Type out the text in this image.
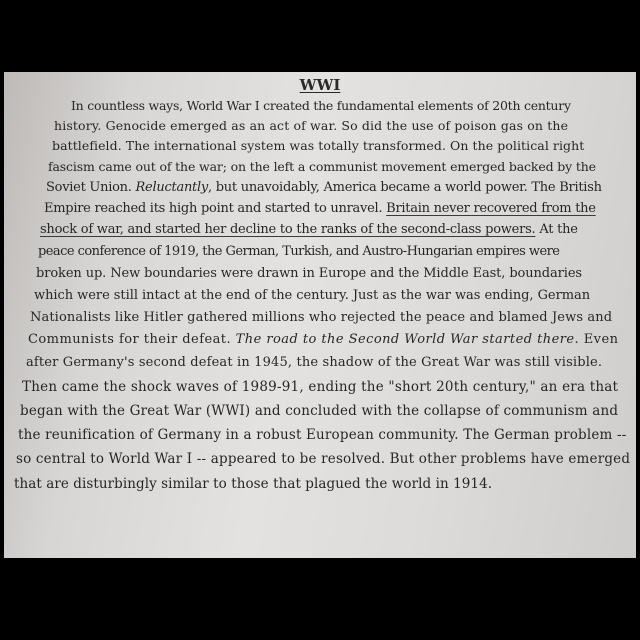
WWI
In countless ways, World War I created the fundamental elements of 20th century
history. Genocide emerged as an act of war. So did the use of poison gas on the
battlefield. The international system was totally transformed. On the political right
fascism came out of the war; on the left a communist movement emerged backed by the
Soviet Union. Reluctantly, but unavoidably, America became a world power. The British
Empire reached its high point and started to unravel. Britain never recovered from the
shock of war, and started her decline to the ranks of the second-class powers. At the
peace conference of 1919, the German, Turkish, and Austro-Hungarian empires were
broken up. New boundaries were drawn in Europe and the Middle East, boundaries
which were still intact at the end of the century. Just as the war was ending, German
Nationalists like Hitler gathered millions who rejected the peace and blamed Jews and
Communists for their defeat. The road to the Second World War started there. Even
after Germany's second defeat in 1945, the shadow of the Great War was still visible.
Then came the shock waves of 1989-91, ending the "short 20th century," an era that
began with the Great War (WWI) and concluded with the collapse of communism and
the reunification of Germany in a robust European community. The German problem --
so central to World War I -- appeared to be resolved. But other problems have emerged
that are disturbingly similar to those that plagued the world in 1914.
